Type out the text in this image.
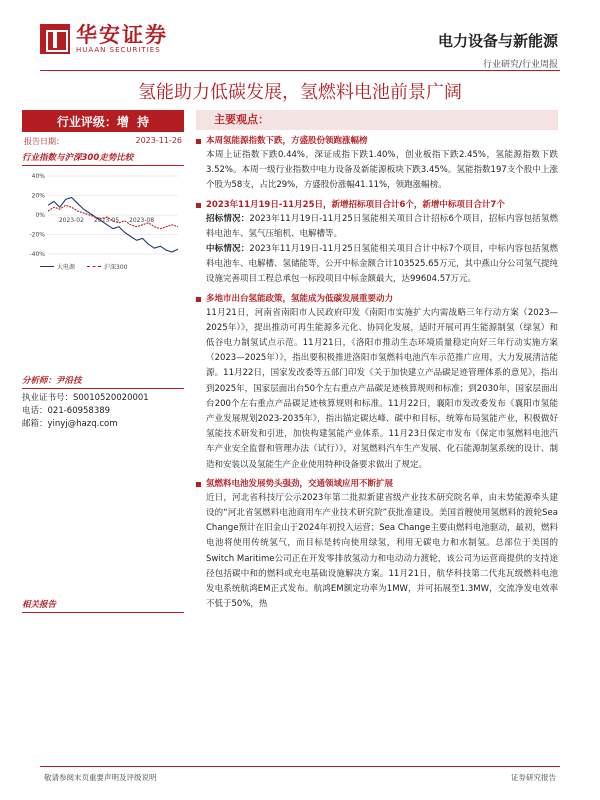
华安证券
HUAAN SECURITIES	电力设备与新能源
行业研究/行业周报
氢能助力低碳发展，氢燃料电池前景广阔
行业评级： 增  持
报告日期：	2023-11-26
行业指数与沪深300走势比较
40%
20%
0%
-20%
-40%
2023-02 2023-05 2023-08
大电源	沪深300
分析师：尹沿技
执业证书号：S0010520020001
电话：021-60958389
邮箱：yinyj@hazq.com
相关报告
主要观点：
本周氢能源指数下跌，方盛股份领跑涨幅榜
本周上证指数下跌0.44%，深证成指下跌1.40%，创业板指下跌2.45%，氢能源指数下跌3.52%。本周一级行业指数中电力设备及新能源板块下跌3.45%。氢能指数197支个股中上涨个股为58支，占比29%，方盛股份涨幅41.11%，领跑涨幅榜。
2023年11月19日-11月25日，新增招标项目合计6个，新增中标项目合计7个
招标情况：2023年11月19日-11月25日氢能相关项目合计招标6个项目，招标内容包括氢燃料电池车、氢气压缩机、电解槽等。
中标情况：2023年11月19日-11月25日氢能相关项目合计中标7个项目，中标内容包括氢燃料电池车、电解槽、氢储能等，公开中标金额合计103525.65万元，其中燕山分公司氢气提纯设施完善项目工程总承包一标段项目中标金额最大，达99604.57万元。
多地市出台氢能政策，氢能成为低碳发展重要动力
11月21日，河南省南阳市人民政府印发《南阳市实施扩大内需战略三年行动方案（2023—2025年）》，提出推动可再生能源多元化、协同化发展，适时开展可再生能源制氢（绿氢）和低谷电力制氢试点示范。11月21日，《洛阳市推动生态环境质量稳定向好三年行动实施方案（2023—2025年）》，指出要积极推进洛阳市氢燃料电池汽车示范推广应用，大力发展清洁能源。11月22日，国家发改委等五部门印发《关于加快建立产品碳足迹管理体系的意见》，指出到2025年，国家层面出台50个左右重点产品碳足迹核算规则和标准；到2030年，国家层面出台200个左右重点产品碳足迹核算规则和标准。11月22日，襄阳市发改委发布《襄阳市氢能产业发展规划2023-2035年》，指出锚定碳达峰、碳中和目标，统筹布局氢能产业，积极做好氢能技术研发和引进，加快构建氢能产业体系。11月23日保定市发布《保定市氢燃料电池汽车产业安全监督和管理办法（试行）》，对氢燃料汽车生产发展、化石能源制氢系统的设计、制造和安装以及氢能生产企业使用特种设备要求做出了规定。
氢燃料电池发展势头强劲，交通领域应用不断扩展
近日，河北省科技厅公示2023年第二批拟新建省级产业技术研究院名单，由未势能源牵头建设的“河北省氢燃料电池商用车产业技术研究院”获批准建设。美国首艘使用氢燃料的渡轮Sea Change预计在旧金山于2024年初投入运营；Sea Change主要由燃料电池驱动，最初，燃料电池将使用传统氢气，而目标是转向使用绿氢，利用无碳电力和水制氢。总部位于美国的Switch Maritime公司正在开发零排放氢动力和电动动力渡轮，该公司为运营商提供的支持途径包括碳中和的燃料或充电基础设施解决方案。11月21日，航华科技第二代兆瓦级燃料电池发电系统航鸿EM正式发布。航鸿EM额定功率为1MW，并可拓展至1.3MW，交流净发电效率不低于50%，热
敬请参阅末页重要声明及评级说明	证券研究报告
